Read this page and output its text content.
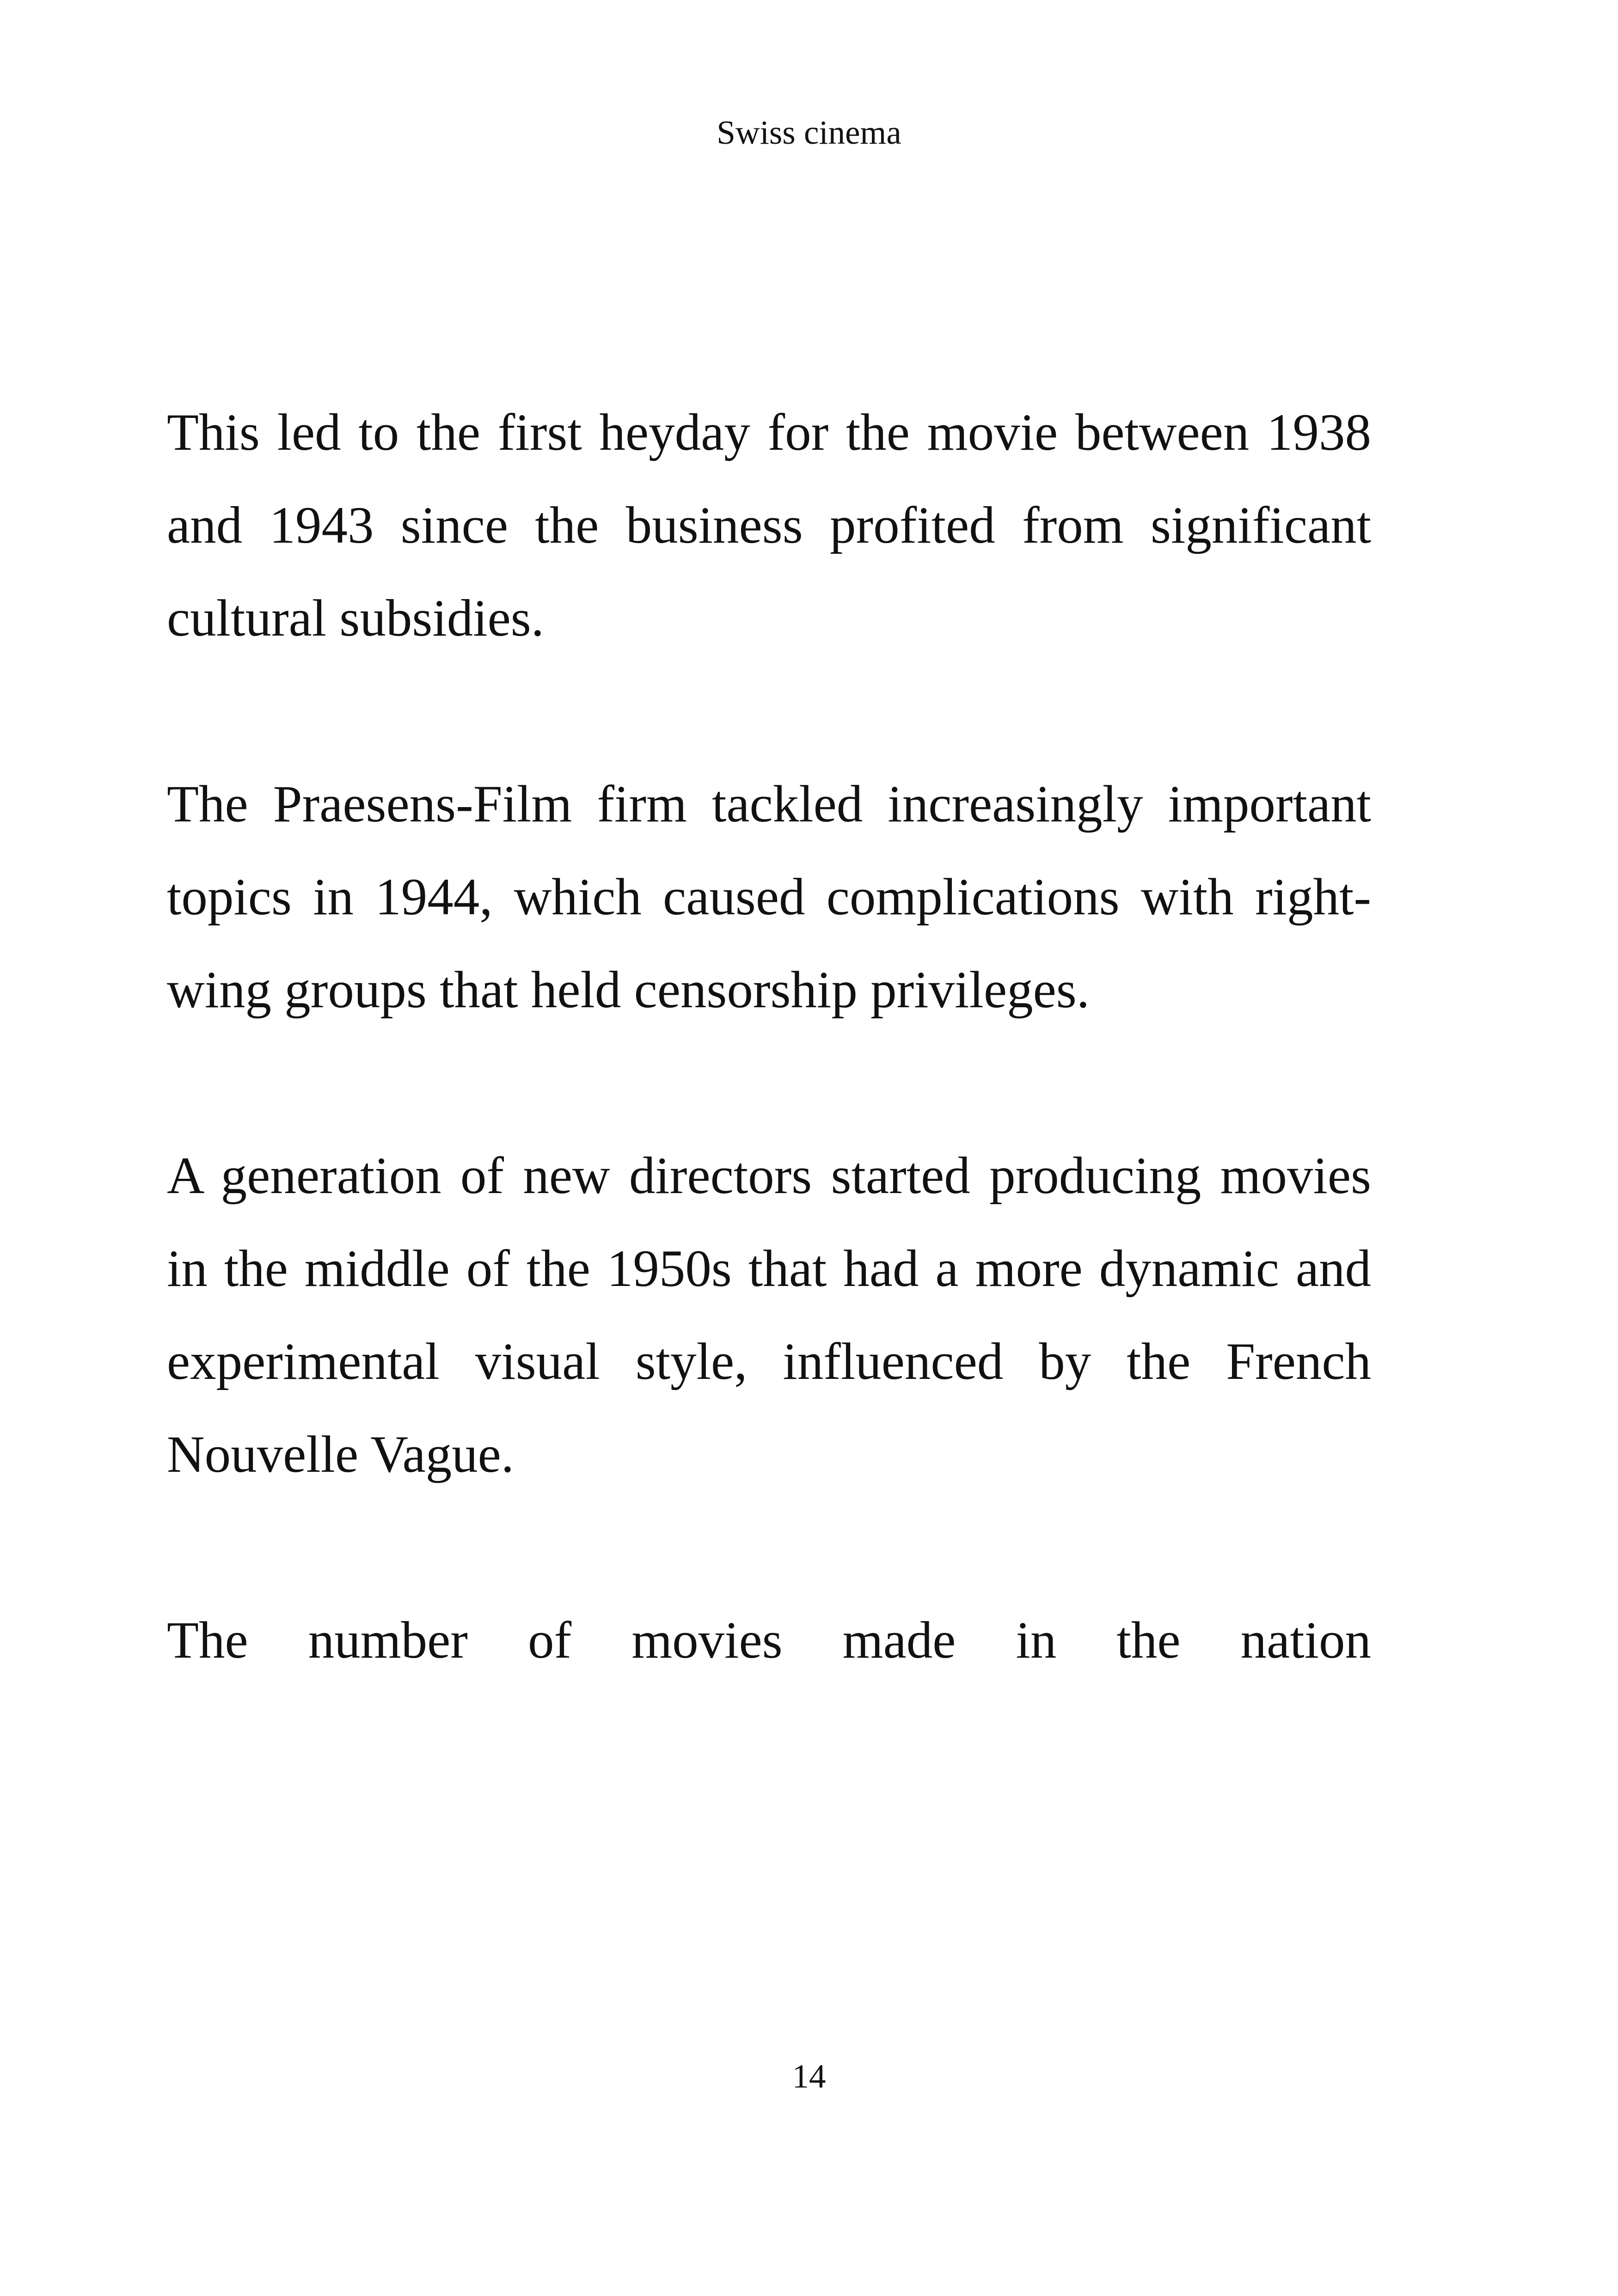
Swiss cinema

This led to the first heyday for the movie between 1938 and 1943 since the business profited from significant cultural subsidies.

The Praesens-Film firm tackled increasingly important topics in 1944, which caused complications with right-wing groups that held censorship privileges.

A generation of new directors started producing movies in the middle of the 1950s that had a more dynamic and experimental visual style, influenced by the French Nouvelle Vague.

The number of movies made in the nation

14
